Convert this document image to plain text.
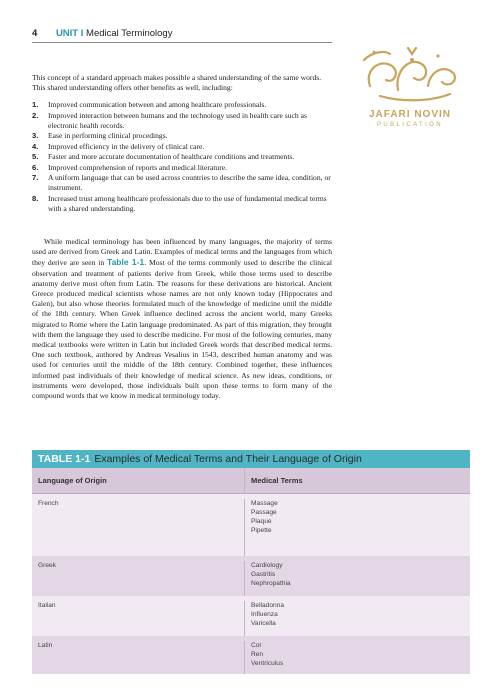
4 UNIT I Medical Terminology
JAFARI NOVIN
PUBLICATION

This concept of a standard approach makes possible a shared understanding of the same words. This shared understanding offers other benefits as well, including:

1. Improved communication between and among healthcare professionals.
2. Improved interaction between humans and the technology used in health care such as electronic health records.
3. Ease in performing clinical procedings.
4. Improved efficiency in the delivery of clinical care.
5. Faster and more accurate documentation of healthcare conditions and treatments.
6. Improved comprehension of reports and medical literature.
7. A uniform language that can be used across countries to describe the same idea, condition, or instrument.
8. Increased trust among healthcare professionals due to the use of fundamental medical terms with a shared understanding.

While medical terminology has been influenced by many languages, the majority of terms used are derived from Greek and Latin. Examples of medical terms and the languages from which they derive are seen in Table 1-1. Most of the terms commonly used to describe the clinical observation and treatment of patients derive from Greek, while those terms used to describe anatomy derive most often from Latin. The reasons for these derivations are historical. Ancient Greece produced medical scientists whose names are not only known today (Hippocrates and Galen), but also whose theories formulated much of the knowledge of medicine until the middle of the 18th century. When Greek influence declined across the ancient world, many Greeks migrated to Rome where the Latin language predominated. As part of this migration, they brought with them the language they used to describe medicine. For most of the following centuries, many medical textbooks were written in Latin but included Greek words that described medical terms. One such textbook, authored by Andreas Vesalius in 1543, described human anatomy and was used for centuries until the middle of the 18th century. Combined together, these influences informed past individuals of their knowledge of medical science. As new ideas, conditions, or instruments were developed, those individuals built upon these terms to form many of the compound words that we know in medical terminology today.

TABLE 1-1 Examples of Medical Terms and Their Language of Origin
Language of Origin	Medical Terms
French	Massage
Passage
Plaque
Pipette
Greek	Cardiology
Gastritis
Nephropathia
Italian	Belladonna
Influenza
Varicella
Latin	Cor
Ren
Ventriculus
